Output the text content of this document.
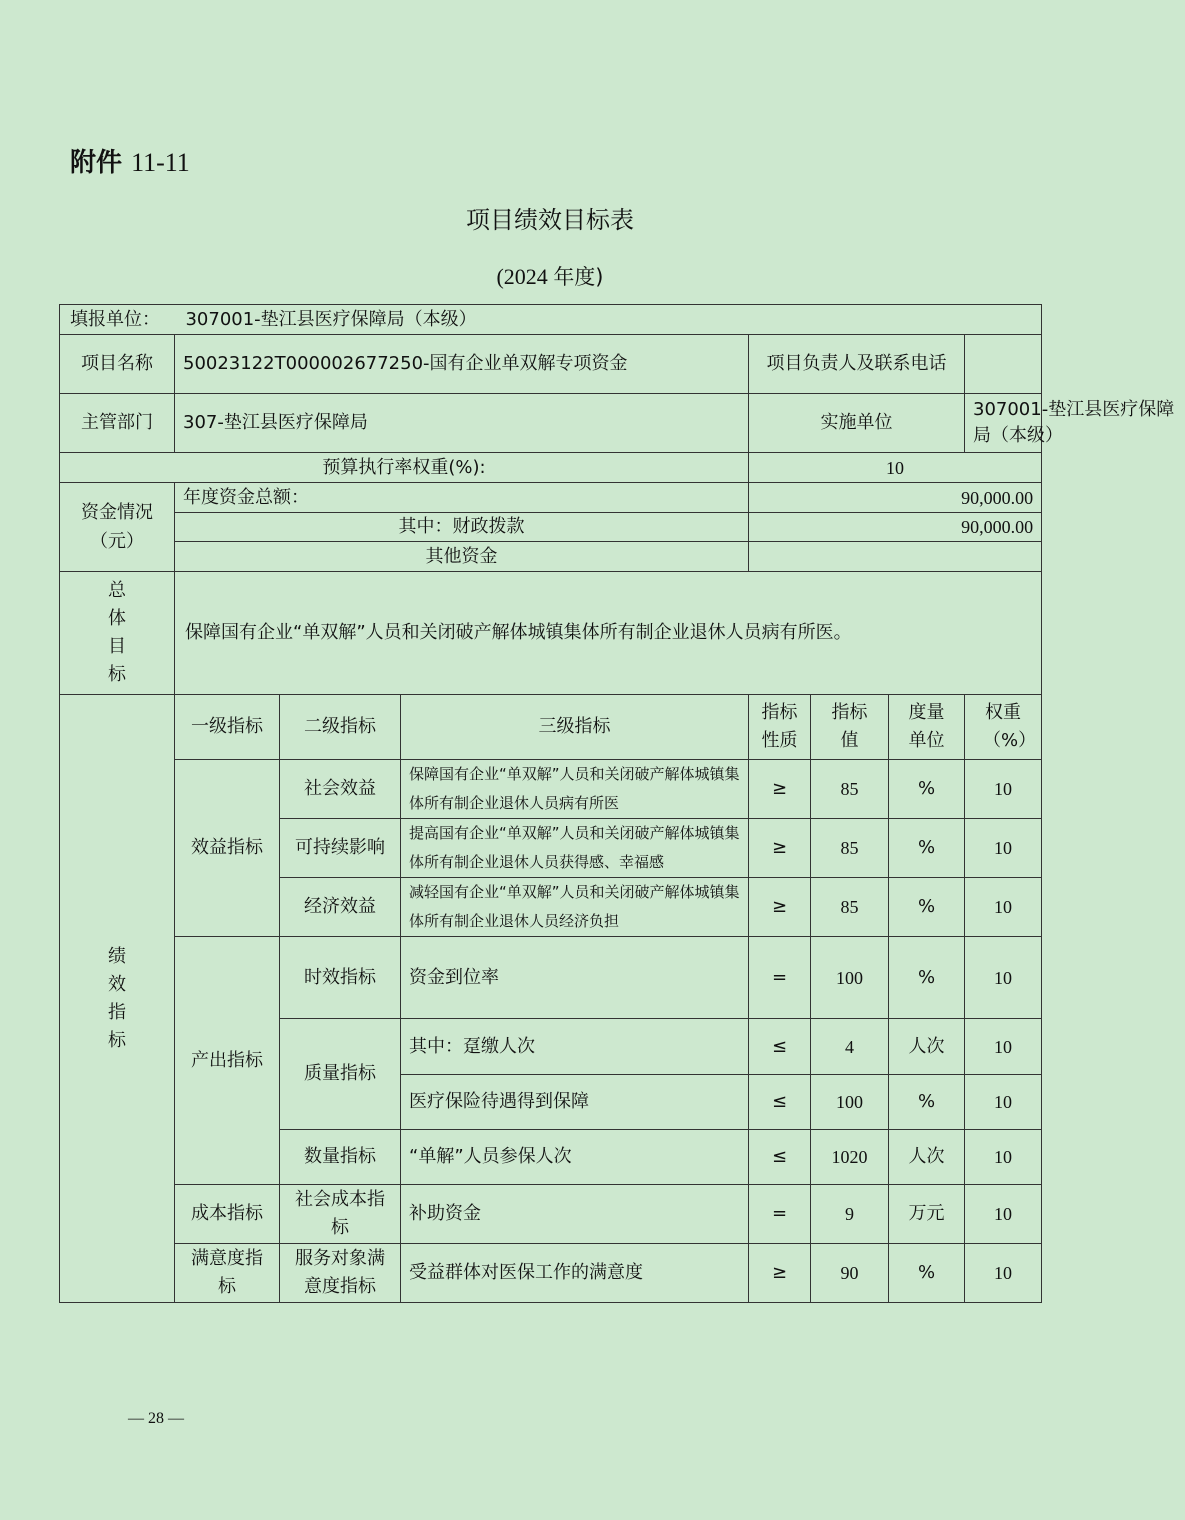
附件 11-11
项目绩效目标表
(2024 年度)
填报单位： 307001-垫江县医疗保障局（本级）							
项目名称	50023122T000002677250-国有企业单双解专项资金			项目负责人及联系电话			
主管部门	307-垫江县医疗保障局			实施单位			307001-垫江县医疗保障局（本级）

预算执行率权重(%):				10			
资金情况（元）	年度资金总额：			90,000.00			
	其中：财政拨款			90,000.00			
	其他资金						

总
体
目
标	保障国有企业“单双解”人员和关闭破产解体城镇集体所有制企业退休人员病有所医。						

绩
效
指
标	一级指标	二级指标	三级指标	指标性质	指标值	度量单位	权重（%）
	效益指标	社会效益	保障国有企业“单双解”人员和关闭破产解体城镇集体所有制企业退休人员病有所医	≥	85	%	10
		可持续影响	提高国有企业“单双解”人员和关闭破产解体城镇集体所有制企业退休人员获得感、幸福感	≥	85	%	10
		经济效益	减轻国有企业“单双解”人员和关闭破产解体城镇集体所有制企业退休人员经济负担	≥	85	%	10
	产出指标	时效指标	资金到位率	=	100	%	10
		质量指标	其中：趸缴人次	≤	4	人次	10
			医疗保险待遇得到保障	≤	100	%	10
		数量指标	“单解”人员参保人次	≤	1020	人次	10
	成本指标	社会成本指标	补助资金	=	9	万元	10
	满意度指标	服务对象满意度指标	受益群体对医保工作的满意度	≥	90	%	10
— 28 —
